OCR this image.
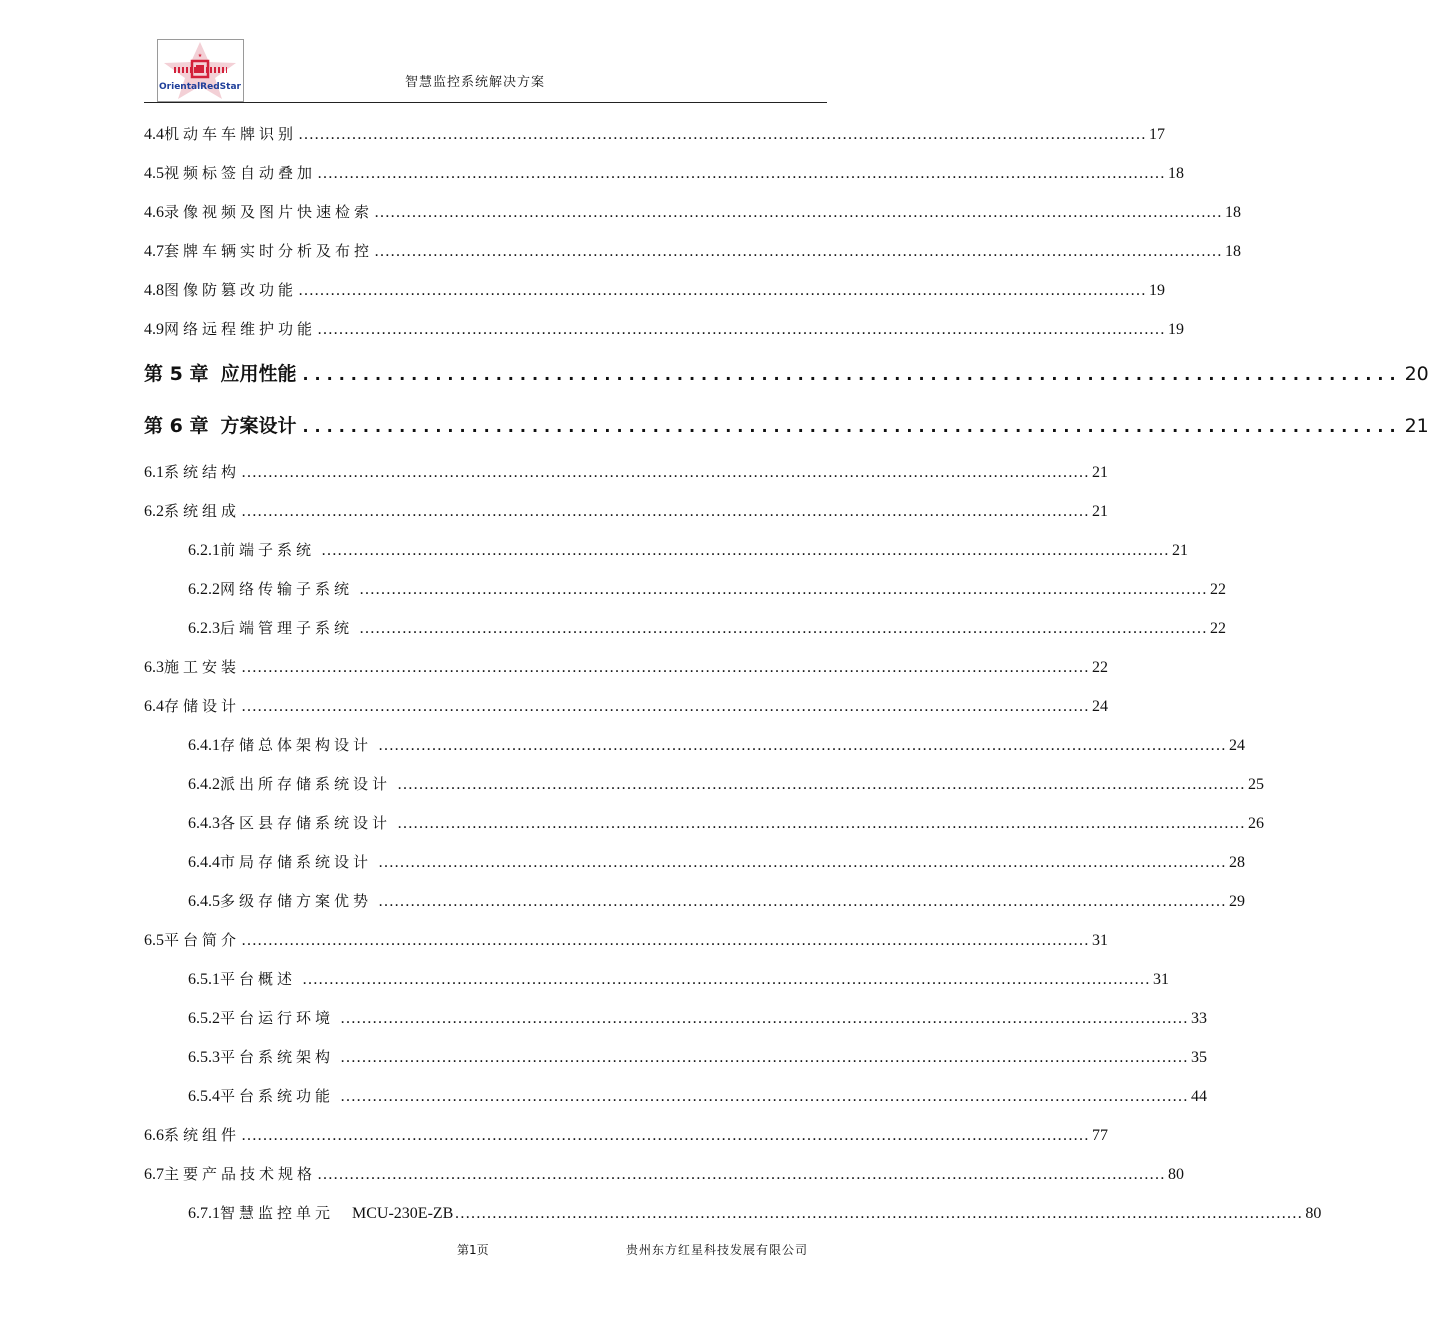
★
OrientalRedStar	智慧监控系统解决方案
4.4 机动车车牌识别 …………………………………………………………………………………………………………………………………………… 17
4.5 视频标签自动叠加 …………………………………………………………………………………………………………………………………………… 18
4.6 录像视频及图片快速检索 …………………………………………………………………………………………………………………………………………… 18
4.7 套牌车辆实时分析及布控 …………………………………………………………………………………………………………………………………………… 18
4.8 图像防篡改功能 …………………………………………………………………………………………………………………………………………… 19
4.9 网络远程维护功能 …………………………………………………………………………………………………………………………………………… 19
第 5 章 应用性能 ........................................................................................... 20
第 6 章 方案设计 ........................................................................................... 21
6.1 系统结构 …………………………………………………………………………………………………………………………………………… 21
6.2 系统组成 …………………………………………………………………………………………………………………………………………… 21
6.2.1 前端子系统 …………………………………………………………………………………………………………………………………………… 21
6.2.2 网络传输子系统 …………………………………………………………………………………………………………………………………………… 22
6.2.3 后端管理子系统 …………………………………………………………………………………………………………………………………………… 22
6.3 施工安装 …………………………………………………………………………………………………………………………………………… 22
6.4 存储设计 …………………………………………………………………………………………………………………………………………… 24
6.4.1 存储总体架构设计 …………………………………………………………………………………………………………………………………………… 24
6.4.2 派出所存储系统设计 …………………………………………………………………………………………………………………………………………… 25
6.4.3 各区县存储系统设计 …………………………………………………………………………………………………………………………………………… 26
6.4.4 市局存储系统设计 …………………………………………………………………………………………………………………………………………… 28
6.4.5 多级存储方案优势 …………………………………………………………………………………………………………………………………………… 29
6.5 平台简介 …………………………………………………………………………………………………………………………………………… 31
6.5.1 平台概述 …………………………………………………………………………………………………………………………………………… 31
6.5.2 平台运行环境 …………………………………………………………………………………………………………………………………………… 33
6.5.3 平台系统架构 …………………………………………………………………………………………………………………………………………… 35
6.5.4 平台系统功能 …………………………………………………………………………………………………………………………………………… 44
6.6 系统组件 …………………………………………………………………………………………………………………………………………… 77
6.7 主要产品技术规格 …………………………………………………………………………………………………………………………………………… 80
6.7.1 智慧监控单元 MCU-230E-ZB …………………………………………………………………………………………………………………………………………… 80
第1页	贵州东方红星科技发展有限公司
